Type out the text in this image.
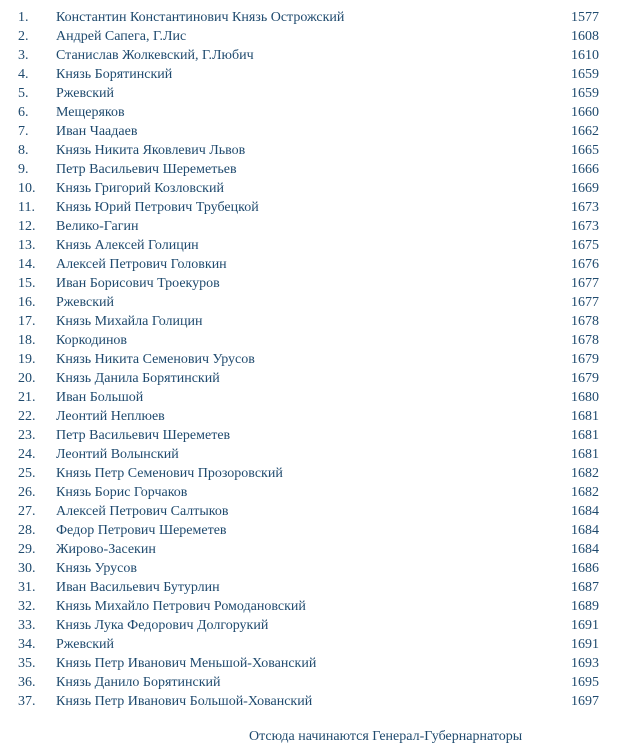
1. Константин Константинович Князь Острожский	1577
2. Андрей Сапега, Г.Лис	1608
3. Станислав Жолкевский, Г.Любич	1610
4. Князь Борятинский	1659
5. Ржевский	1659
6. Мещеряков	1660
7. Иван Чаадаев	1662
8. Князь Никита Яковлевич Львов	1665
9. Петр Васильевич Шереметьев	1666
10. Князь Григорий Козловский	1669
11. Князь Юрий Петрович Трубецкой	1673
12. Велико-Гагин	1673
13. Князь Алексей Голицин	1675
14. Алексей Петрович Головкин	1676
15. Иван Борисович Троекуров	1677
16. Ржевский	1677
17. Князь Михайла Голицин	1678
18. Коркодинов	1678
19. Князь Никита Семенович Урусов	1679
20. Князь Данила Борятинский	1679
21. Иван Большой	1680
22. Леонтий Неплюев	1681
23. Петр Васильевич Шереметев	1681
24. Леонтий Волынский	1681
25. Князь Петр Семенович Прозоровский	1682
26. Князь Борис Горчаков	1682
27. Алексей Петрович Салтыков	1684
28. Федор Петрович Шереметев	1684
29. Жирово-Засекин	1684
30. Князь Урусов	1686
31. Иван Васильевич Бутурлин	1687
32. Князь Михайло Петрович Ромодановский	1689
33. Князь Лука Федорович Долгорукий	1691
34. Ржевский	1691
35. Князь Петр Иванович Меньшой-Хованский	1693
36. Князь Данило Борятинский	1695
37. Князь Петр Иванович Большой-Хованский	1697
Отсюда начинаются Генерал-Губернарнаторы
